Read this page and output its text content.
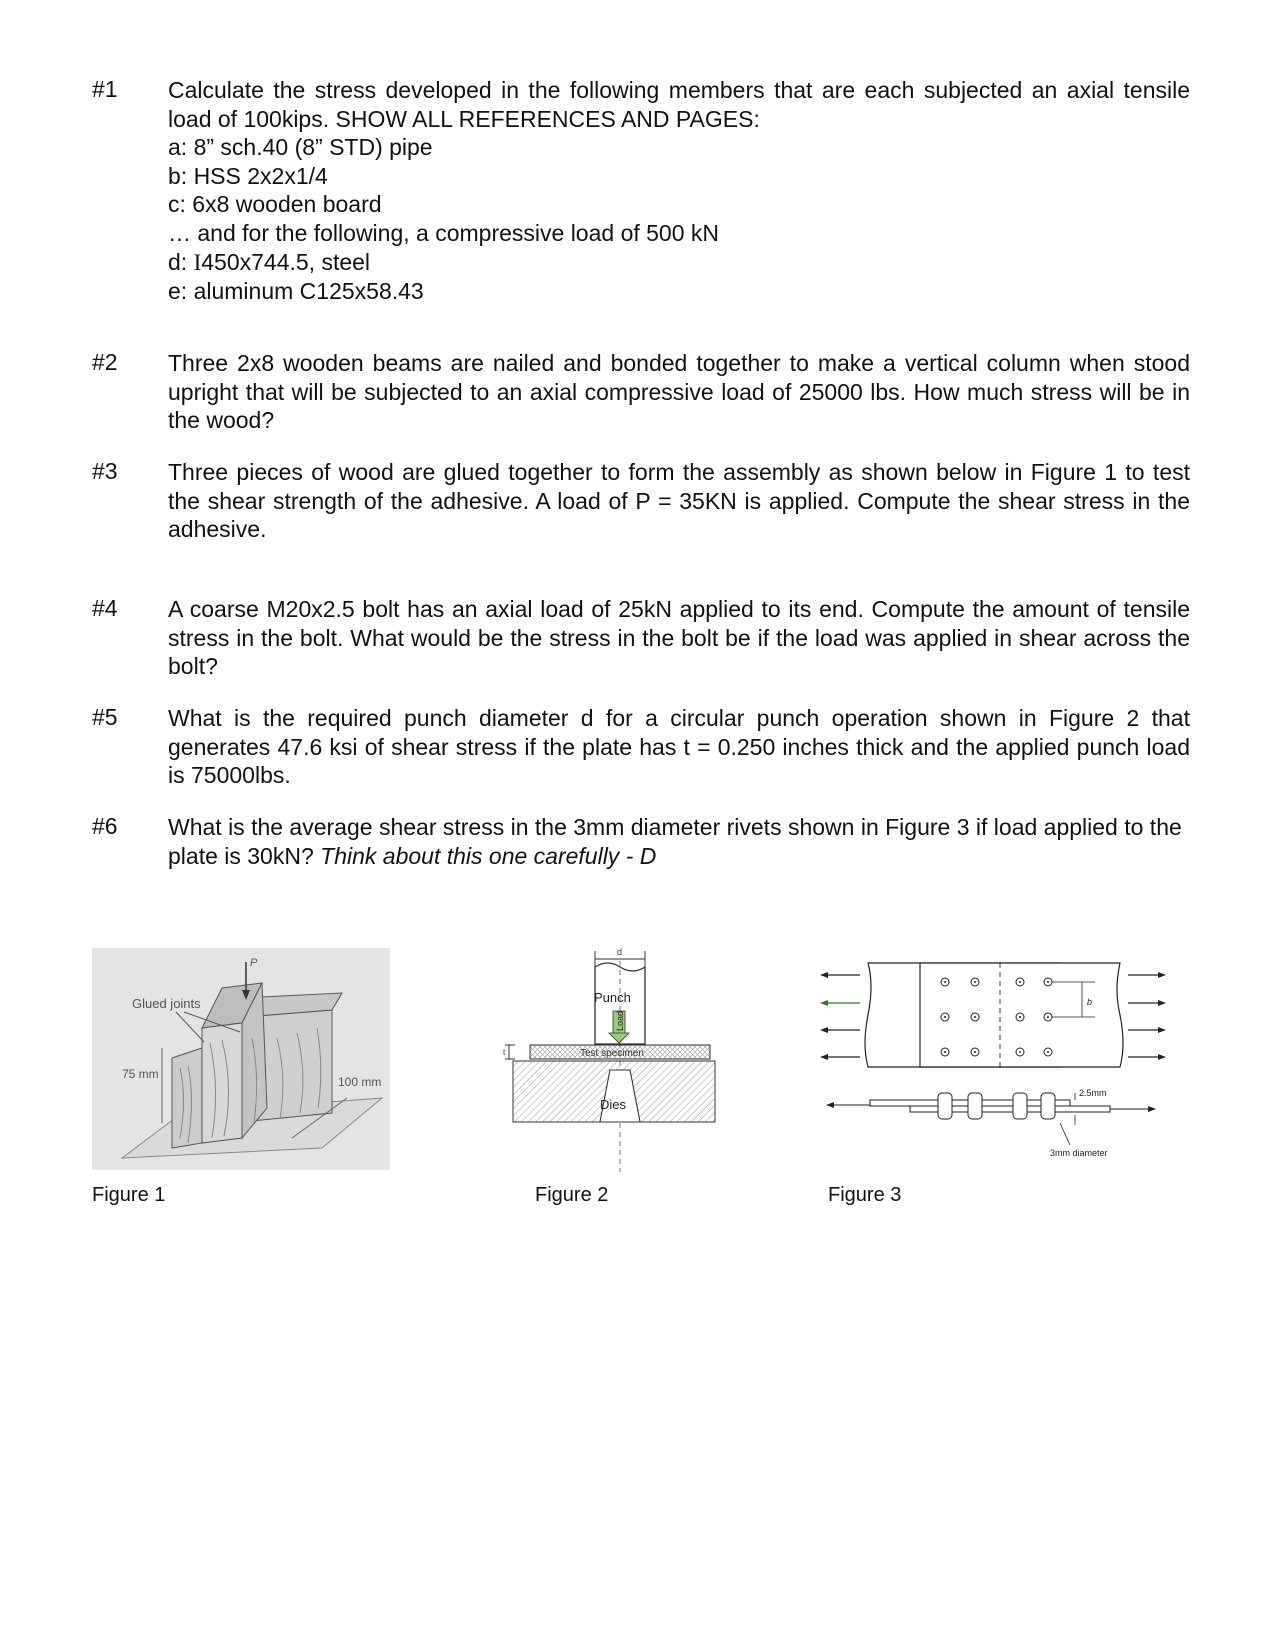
#1 Calculate the stress developed in the following members that are each subjected an axial tensile load of 100kips. SHOW ALL REFERENCES AND PAGES:
a: 8” sch.40 (8” STD) pipe
b: HSS 2x2x1/4
c: 6x8 wooden board
… and for the following, a compressive load of 500 kN
d: I450x744.5, steel
e: aluminum C125x58.43
#2 Three 2x8 wooden beams are nailed and bonded together to make a vertical column when stood upright that will be subjected to an axial compressive load of 25000 lbs. How much stress will be in the wood?
#3 Three pieces of wood are glued together to form the assembly as shown below in Figure 1 to test the shear strength of the adhesive. A load of P = 35KN is applied. Compute the shear stress in the adhesive.
#4 A coarse M20x2.5 bolt has an axial load of 25kN applied to its end. Compute the amount of tensile stress in the bolt. What would be the stress in the bolt be if the load was applied in shear across the bolt?
#5 What is the required punch diameter d for a circular punch operation shown in Figure 2 that generates 47.6 ksi of shear stress if the plate has t = 0.250 inches thick and the applied punch load is 75000lbs.
#6 What is the average shear stress in the 3mm diameter rivets shown in Figure 3 if load applied to the plate is 30kN? Think about this one carefully - D
P
Glued joints
75 mm
100 mm
Figure 1
d
Punch
Load
t	Test specimen
Dies
Figure 2
b
2.5mm
3mm diameter
Figure 3
